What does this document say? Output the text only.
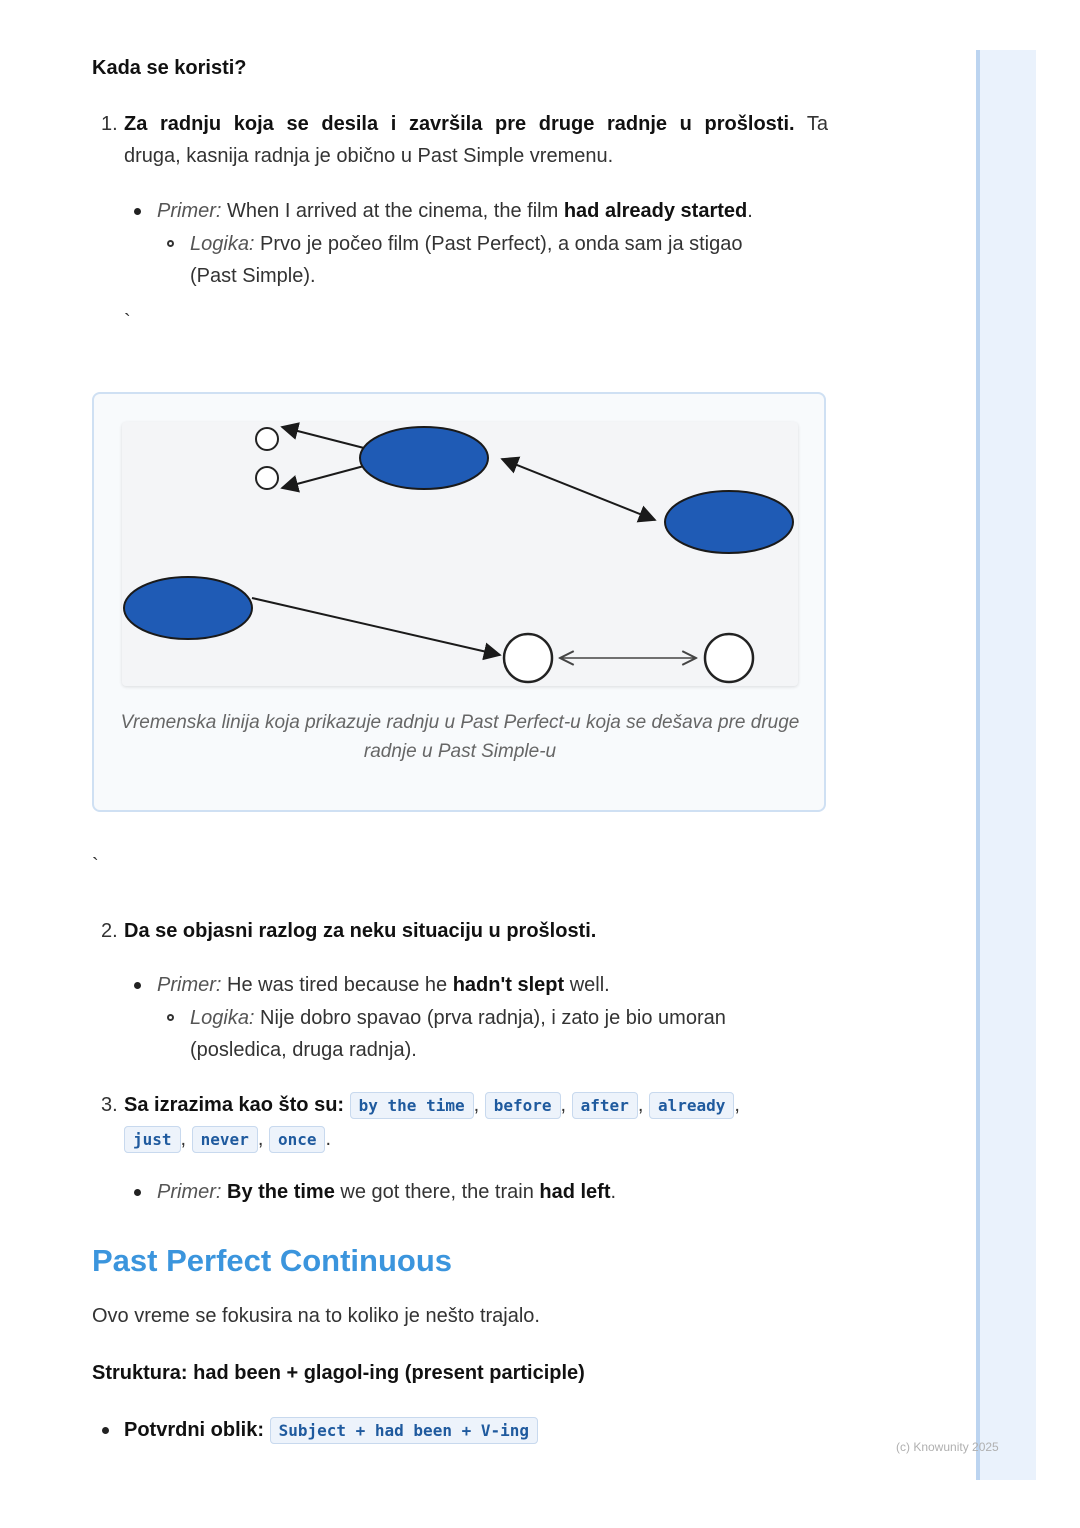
(c) Knowunity 2025
Kada se koristi?
1. Za radnju koja se desila i završila pre druge radnje u prošlosti. Ta
druga, kasnija radnja je obično u Past Simple vremenu.
Primer: When I arrived at the cinema, the film had already started.
Logika: Prvo je počeo film (Past Perfect), a onda sam ja stigao
(Past Simple).
`
Vremenska linija koja prikazuje radnju u Past Perfect-u koja se dešava pre druge radnje u Past Simple-u
`
2. Da se objasni razlog za neku situaciju u prošlosti.
Primer: He was tired because he hadn't slept well.
Logika: Nije dobro spavao (prva radnja), i zato je bio umoran
(posledica, druga radnja).
3. Sa izrazima kao što su: by the time , before , after , already ,
just , never , once .
Primer: By the time we got there, the train had left.
Past Perfect Continuous
Ovo vreme se fokusira na to koliko je nešto trajalo.
Struktura: had been + glagol-ing (present participle)
Potvrdni oblik: Subject + had been + V-ing
